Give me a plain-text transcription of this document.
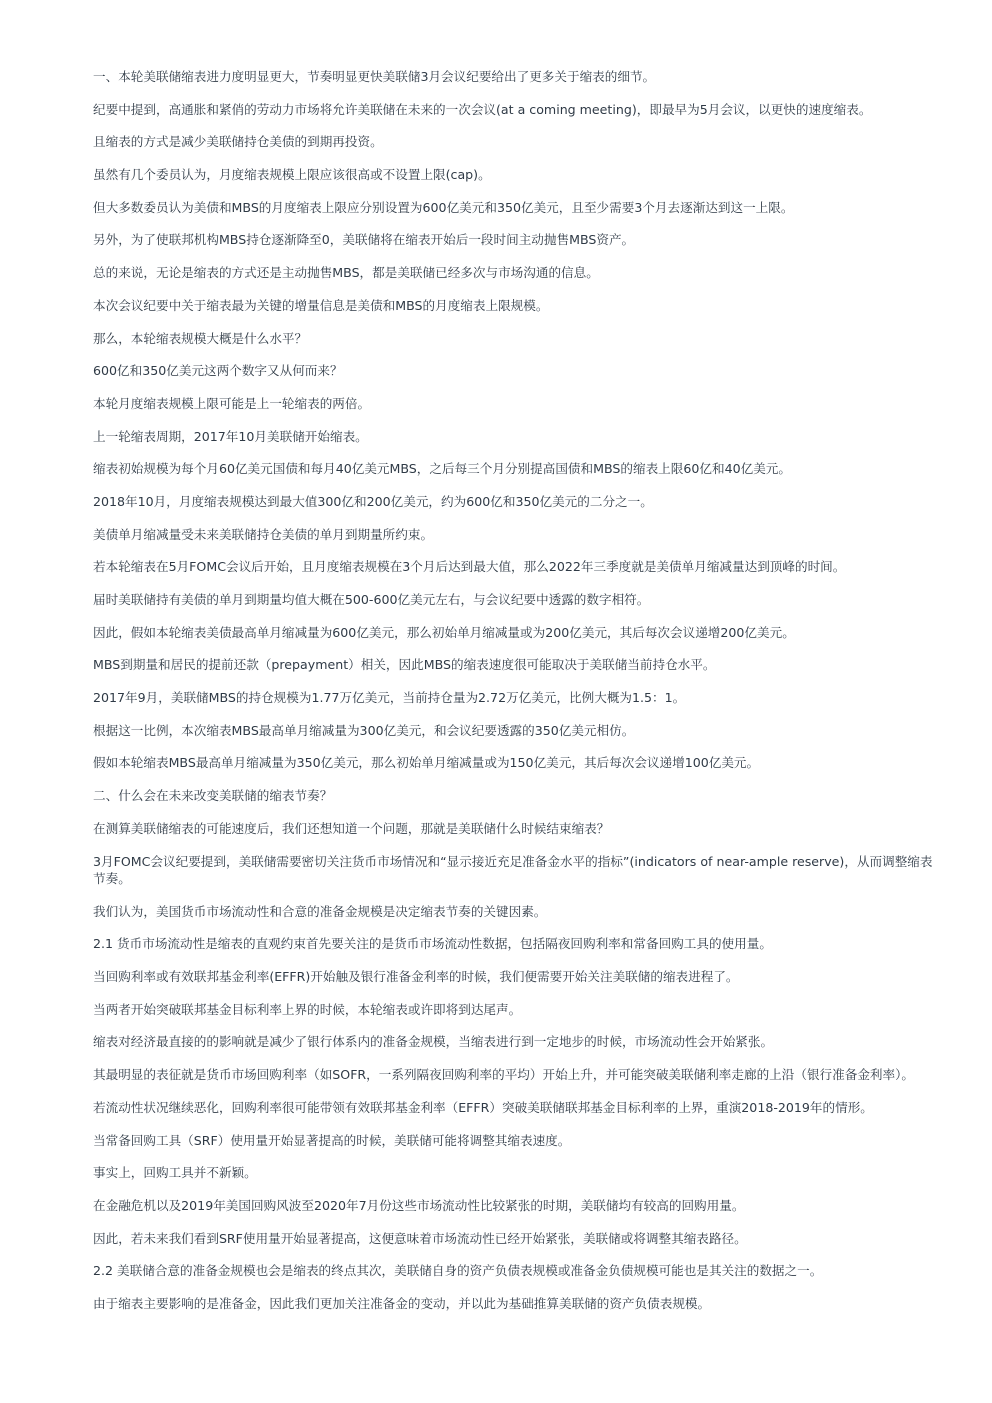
一、本轮美联储缩表进力度明显更大，节奏明显更快美联储3月会议纪要给出了更多关于缩表的细节。

纪要中提到，高通胀和紧俏的劳动力市场将允许美联储在未来的一次会议(at a coming meeting)，即最早为5月会议，以更快的速度缩表。

且缩表的方式是减少美联储持仓美债的到期再投资。

虽然有几个委员认为，月度缩表规模上限应该很高或不设置上限(cap)。

但大多数委员认为美债和MBS的月度缩表上限应分别设置为600亿美元和350亿美元，且至少需要3个月去逐渐达到这一上限。

另外，为了使联邦机构MBS持仓逐渐降至0，美联储将在缩表开始后一段时间主动抛售MBS资产。

总的来说，无论是缩表的方式还是主动抛售MBS，都是美联储已经多次与市场沟通的信息。

本次会议纪要中关于缩表最为关键的增量信息是美债和MBS的月度缩表上限规模。

那么，本轮缩表规模大概是什么水平？

600亿和350亿美元这两个数字又从何而来？

本轮月度缩表规模上限可能是上一轮缩表的两倍。

上一轮缩表周期，2017年10月美联储开始缩表。

缩表初始规模为每个月60亿美元国债和每月40亿美元MBS，之后每三个月分别提高国债和MBS的缩表上限60亿和40亿美元。

2018年10月，月度缩表规模达到最大值300亿和200亿美元，约为600亿和350亿美元的二分之一。

美债单月缩减量受未来美联储持仓美债的单月到期量所约束。

若本轮缩表在5月FOMC会议后开始，且月度缩表规模在3个月后达到最大值，那么2022年三季度就是美债单月缩减量达到顶峰的时间。

届时美联储持有美债的单月到期量均值大概在500-600亿美元左右，与会议纪要中透露的数字相符。

因此，假如本轮缩表美债最高单月缩减量为600亿美元，那么初始单月缩减量或为200亿美元，其后每次会议递增200亿美元。

MBS到期量和居民的提前还款（prepayment）相关，因此MBS的缩表速度很可能取决于美联储当前持仓水平。

2017年9月，美联储MBS的持仓规模为1.77万亿美元，当前持仓量为2.72万亿美元，比例大概为1.5：1。

根据这一比例，本次缩表MBS最高单月缩减量为300亿美元，和会议纪要透露的350亿美元相仿。

假如本轮缩表MBS最高单月缩减量为350亿美元，那么初始单月缩减量或为150亿美元，其后每次会议递增100亿美元。

二、什么会在未来改变美联储的缩表节奏？

在测算美联储缩表的可能速度后，我们还想知道一个问题，那就是美联储什么时候结束缩表？

3月FOMC会议纪要提到，美联储需要密切关注货币市场情况和“显示接近充足准备金水平的指标”(indicators of near-ample reserve)，从而调整缩表节奏。

我们认为，美国货币市场流动性和合意的准备金规模是决定缩表节奏的关键因素。

2.1 货币市场流动性是缩表的直观约束首先要关注的是货币市场流动性数据，包括隔夜回购利率和常备回购工具的使用量。

当回购利率或有效联邦基金利率(EFFR)开始触及银行准备金利率的时候，我们便需要开始关注美联储的缩表进程了。

当两者开始突破联邦基金目标利率上界的时候，本轮缩表或许即将到达尾声。

缩表对经济最直接的的影响就是减少了银行体系内的准备金规模，当缩表进行到一定地步的时候，市场流动性会开始紧张。

其最明显的表征就是货币市场回购利率（如SOFR，一系列隔夜回购利率的平均）开始上升，并可能突破美联储利率走廊的上沿（银行准备金利率）。

若流动性状况继续恶化，回购利率很可能带领有效联邦基金利率（EFFR）突破美联储联邦基金目标利率的上界，重演2018-2019年的情形。

当常备回购工具（SRF）使用量开始显著提高的时候，美联储可能将调整其缩表速度。

事实上，回购工具并不新颖。

在金融危机以及2019年美国回购风波至2020年7月份这些市场流动性比较紧张的时期，美联储均有较高的回购用量。

因此，若未来我们看到SRF使用量开始显著提高，这便意味着市场流动性已经开始紧张，美联储或将调整其缩表路径。

2.2 美联储合意的准备金规模也会是缩表的终点其次，美联储自身的资产负债表规模或准备金负债规模可能也是其关注的数据之一。

由于缩表主要影响的是准备金，因此我们更加关注准备金的变动，并以此为基础推算美联储的资产负债表规模。
